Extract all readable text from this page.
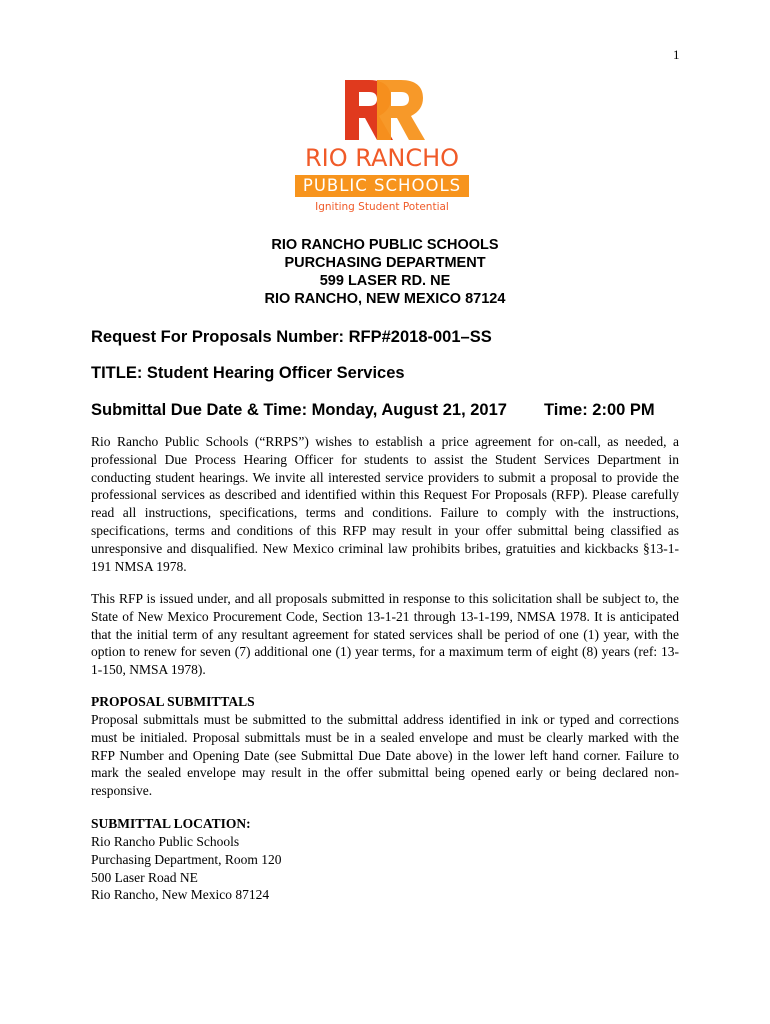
1
RIO RANCHO
PUBLIC SCHOOLS
Igniting Student Potential
RIO RANCHO PUBLIC SCHOOLS
PURCHASING DEPARTMENT
599 LASER RD. NE
RIO RANCHO, NEW MEXICO 87124
Request For Proposals Number: RFP#2018-001–SS
TITLE: Student Hearing Officer Services
Submittal Due Date & Time: Monday, August 21, 2017 Time: 2:00 PM
Rio Rancho Public Schools (“RRPS”) wishes to establish a price agreement for on-call, as needed, a professional Due Process Hearing Officer for students to assist the Student Services Department in conducting student hearings. We invite all interested service providers to submit a proposal to provide the professional services as described and identified within this Request For Proposals (RFP). Please carefully read all instructions, specifications, terms and conditions. Failure to comply with the instructions, specifications, terms and conditions of this RFP may result in your offer submittal being classified as unresponsive and disqualified. New Mexico criminal law prohibits bribes, gratuities and kickbacks §13-1-191 NMSA 1978.
This RFP is issued under, and all proposals submitted in response to this solicitation shall be subject to, the State of New Mexico Procurement Code, Section 13-1-21 through 13-1-199, NMSA 1978. It is anticipated that the initial term of any resultant agreement for stated services shall be period of one (1) year, with the option to renew for seven (7) additional one (1) year terms, for a maximum term of eight (8) years (ref: 13-1-150, NMSA 1978).
PROPOSAL SUBMITTALS
Proposal submittals must be submitted to the submittal address identified in ink or typed and corrections must be initialed. Proposal submittals must be in a sealed envelope and must be clearly marked with the RFP Number and Opening Date (see Submittal Due Date above) in the lower left hand corner. Failure to mark the sealed envelope may result in the offer submittal being opened early or being declared non-responsive.
SUBMITTAL LOCATION:
Rio Rancho Public Schools
Purchasing Department, Room 120
500 Laser Road NE
Rio Rancho, New Mexico 87124
